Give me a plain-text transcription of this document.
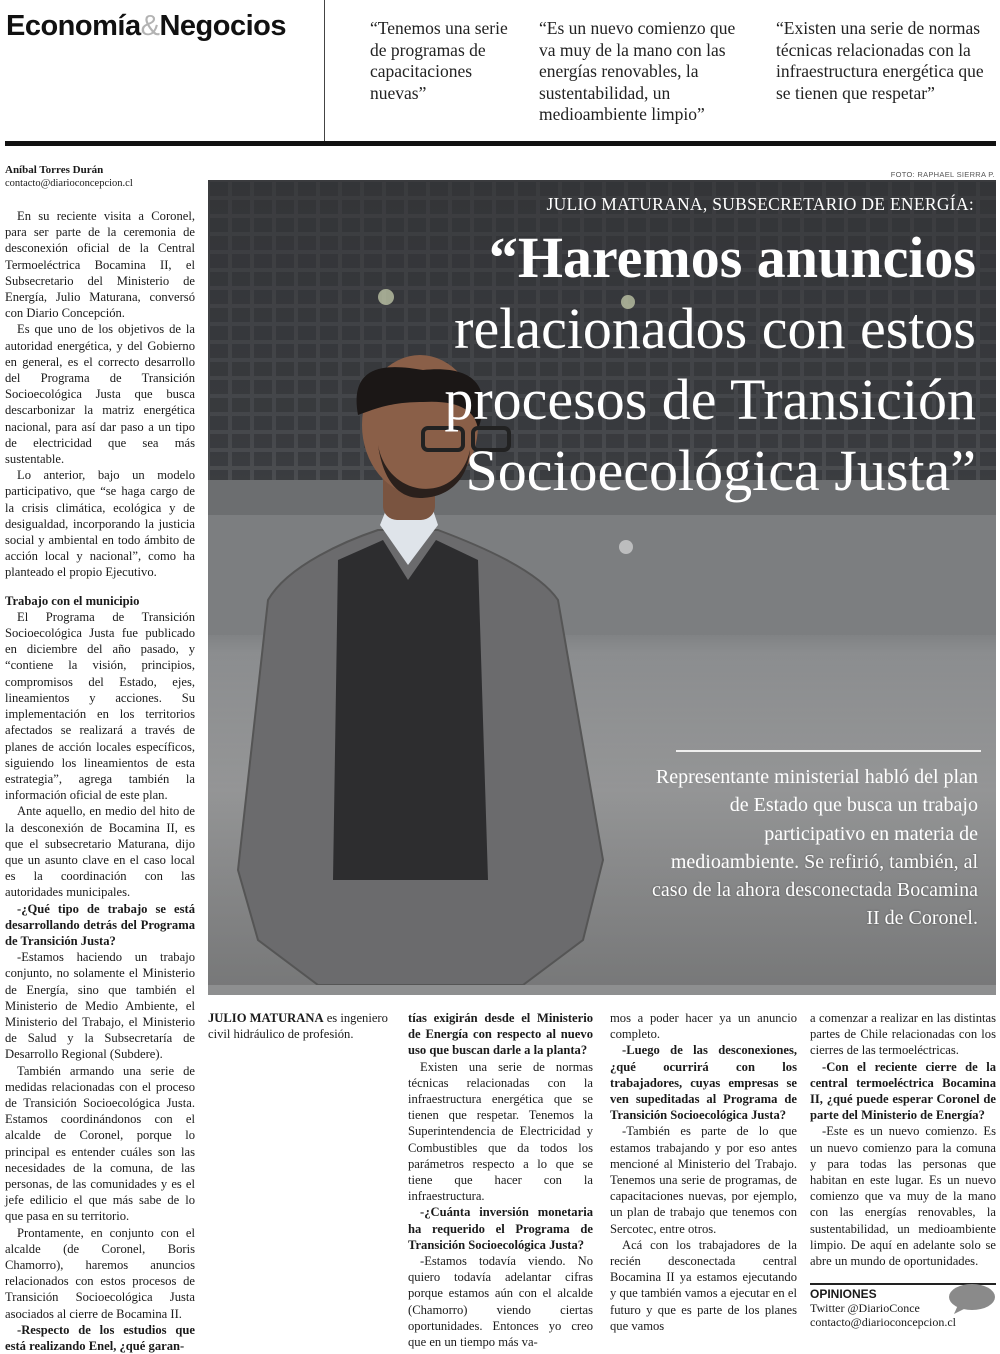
Economía&Negocios	“Tenemos una serie de programas de capacitaciones nuevas”
“Es un nuevo comienzo que va muy de la mano con las energías renovables, la sustentabilidad, un medioambiente limpio”
“Existen una serie de normas técnicas relacionadas con la infraestructura energética que se tienen que respetar”
Aníbal Torres Durán
contacto@diarioconcepcion.cl

En su reciente visita a Coronel, para ser parte de la ceremonia de desconexión oficial de la Central Termoeléctrica Bocamina II, el Subsecretario del Ministerio de Energía, Julio Maturana, conversó con Diario Concepción.

Es que uno de los objetivos de la autoridad energética, y del Gobierno en general, es el correcto desarrollo del Programa de Transición Socioecológica Justa que busca descarbonizar la matriz energética nacional, para así dar paso a un tipo de electricidad que sea más sustentable.

Lo anterior, bajo un modelo participativo, que “se haga cargo de la crisis climática, ecológica y de desigualdad, incorporando la justicia social y ambiental en todo ámbito de acción local y nacional”, como ha planteado el propio Ejecutivo.

Trabajo con el municipio

El Programa de Transición Socioecológica Justa fue publicado en diciembre del año pasado, y “contiene la visión, principios, compromisos del Estado, ejes, lineamientos y acciones. Su implementación en los territorios afectados se realizará a través de planes de acción locales específicos, siguiendo los lineamientos de esta estrategia”, agrega también la información oficial de este plan.

Ante aquello, en medio del hito de la desconexión de Bocamina II, es que el subsecretario Maturana, dijo que un asunto clave en el caso local es la coordinación con las autoridades municipales.

-¿Qué tipo de trabajo se está desarrollando detrás del Programa de Transición Justa?

-Estamos haciendo un trabajo conjunto, no solamente el Ministerio de Energía, sino que también el Ministerio de Medio Ambiente, el Ministerio del Trabajo, el Ministerio de Salud y la Subsecretaría de Desarrollo Regional (Subdere).

También armando una serie de medidas relacionadas con el proceso de Transición Socioecológica Justa. Estamos coordinándonos con el alcalde de Coronel, porque lo principal es entender cuáles son las necesidades de la comuna, de las personas, de las comunidades y es el jefe edilicio el que más sabe de lo que pasa en su territorio.

Prontamente, en conjunto con el alcalde (de Coronel, Boris Chamorro), haremos anuncios relacionados con estos procesos de Transición Socioecológica Justa asociados al cierre de Bocamina II.

-Respecto de los estudios que está realizando Enel, ¿qué garan-

FOTO: RAPHAEL SIERRA P.
JULIO MATURANA, SUBSECRETARIO DE ENERGÍA:
“Haremos anuncios
relacionados con estos procesos de Transición Socioecológica Justa”
Representante ministerial habló del plan de Estado que busca un trabajo participativo en materia de medioambiente. Se refirió, también, al caso de la ahora desconectada Bocamina II de Coronel.
JULIO MATURANA es ingeniero civil hidráulico de profesión.

tías exigirán desde el Ministerio de Energía con respecto al nuevo uso que buscan darle a la planta?

Existen una serie de normas técnicas relacionadas con la infraestructura energética que se tienen que respetar. Tenemos la Superintendencia de Electricidad y Combustibles que da todos los parámetros respecto a lo que se tiene que hacer con la infraestructura.

-¿Cuánta inversión monetaria ha requerido el Programa de Transición Socioecológica Justa?

-Estamos todavía viendo. No quiero todavía adelantar cifras porque estamos aún con el alcalde (Chamorro) viendo ciertas oportunidades. Entonces yo creo que en un tiempo más va-

mos a poder hacer ya un anuncio completo.

-Luego de las desconexiones, ¿qué ocurrirá con los trabajadores, cuyas empresas se ven supeditadas al Programa de Transición Socioecológica Justa?

-También es parte de lo que estamos trabajando y por eso antes mencioné al Ministerio del Trabajo. Tenemos una serie de programas, de capacitaciones nuevas, por ejemplo, un plan de trabajo que tenemos con Sercotec, entre otros.

Acá con los trabajadores de la recién desconectada central Bocamina II ya estamos ejecutando y que también vamos a ejecutar en el futuro y que es parte de los planes que vamos

a comenzar a realizar en las distintas partes de Chile relacionadas con los cierres de las termoeléctricas.

-Con el reciente cierre de la central termoeléctrica Bocamina II, ¿qué puede esperar Coronel de parte del Ministerio de Energía?

-Este es un nuevo comienzo. Es un nuevo comienzo para la comuna y para todas las personas que habitan en este lugar. Es un nuevo comienzo que va muy de la mano con las energías renovables, la sustentabilidad, un medioambiente limpio. De aquí en adelante solo se abre un mundo de oportunidades.

OPINIONES
Twitter @DiarioConce
contacto@diarioconcepcion.cl
